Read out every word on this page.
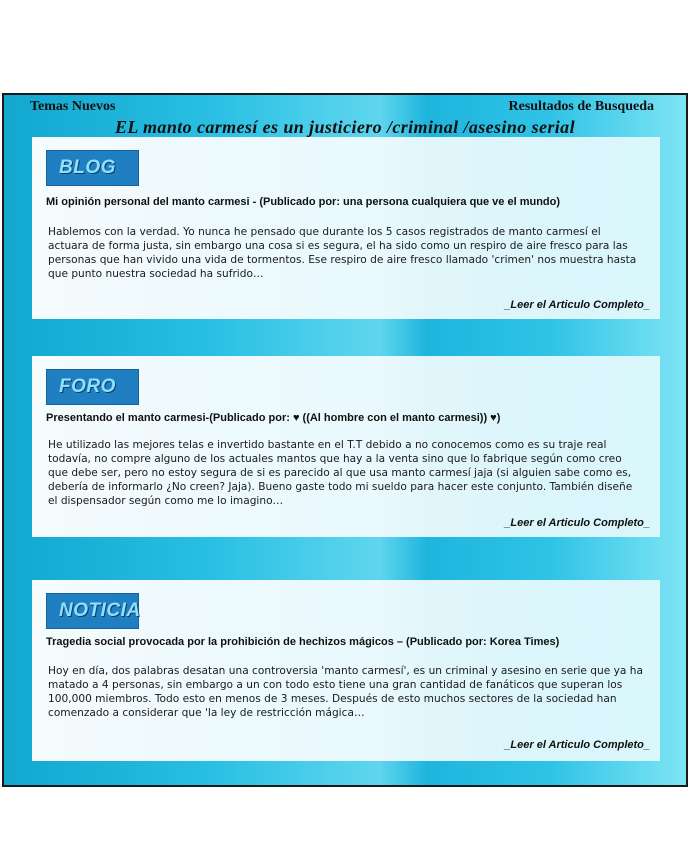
Temas Nuevos	Resultados de Busqueda
EL manto carmesí es un justiciero /criminal /asesino serial
BLOG
Mi opinión personal del manto carmesi - (Publicado por: una persona cualquiera que ve el mundo)
Hablemos con la verdad. Yo nunca he pensado que durante los 5 casos registrados de manto carmesí el actuara de forma justa, sin embargo una cosa si es segura, el ha sido como un respiro de aire fresco para las personas que han vivido una vida de tormentos. Ese respiro de aire fresco llamado 'crimen' nos muestra hasta que punto nuestra sociedad ha sufrido…
_Leer el Articulo Completo_
FORO
Presentando el manto carmesi-(Publicado por: ♥ ((Al hombre con el manto carmesi)) ♥)
He utilizado las mejores telas e invertido bastante en el T.T debido a no conocemos como es su traje real todavía, no compre alguno de los actuales mantos que hay a la venta sino que lo fabrique según como creo que debe ser, pero no estoy segura de si es parecido al que usa manto carmesí jaja (si alguien sabe como es, debería de informarlo ¿No creen? Jaja). Bueno gaste todo mi sueldo para hacer este conjunto. También diseñe el dispensador según como me lo imagino…
_Leer el Articulo Completo_
NOTICIA
Tragedia social provocada por la prohibición de hechizos mágicos – (Publicado por: Korea Times)
Hoy en día, dos palabras desatan una controversia 'manto carmesí', es un criminal y asesino en serie que ya ha matado a 4 personas, sin embargo a un con todo esto tiene una gran cantidad de fanáticos que superan los 100,000 miembros. Todo esto en menos de 3 meses. Después de esto muchos sectores de la sociedad han comenzado a considerar que 'la ley de restricción mágica…
_Leer el Articulo Completo_
